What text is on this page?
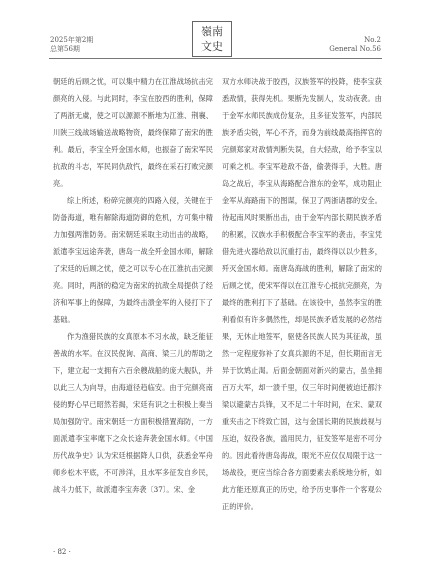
2025年第2期
总第56期
嶺南
文史	No.2
General No.56

朝廷的后顾之忧，可以集中精力在江淮战场抗击完颜亮的入侵。与此同时，李宝在胶西的胜利，保障了两浙无虞，使之可以源源不断地为江淮、荆襄、川陕三线战场输送战略物资，最终保障了南宋的胜利。最后，李宝全歼金国水师，也振奋了南宋军民抗敌的斗志，军民同仇敌忾，最终在采石打败完颜亮。

综上所述，粉碎完颜亮的四路入侵，关键在于防备海道，唯有解除海道防御的危机，方可集中精力加强两淮防务。南宋朝廷采取主动出击的战略，派遣李宝远途奔袭，唐岛一战全歼金国水师，解除了宋廷的后顾之忧，使之可以专心在江淮抗击完颜亮。同时，两浙的稳定为南宋的抗敌全局提供了经济和军事上的保障，为最终击溃金军的入侵打下了基础。

作为渔猎民族的女真原本不习水战，缺乏能征善战的水军。在汉民倪询、高商、梁三儿的帮助之下，建立起一支拥有六百余艘战船的庞大舰队，并以此三人为向导，由海道径趋临安。由于完颜亮南侵的野心早已昭然若揭，宋廷有识之士积极上奏当局加强防守。南宋朝廷一方面积极措置海防，一方面派遣李宝率麾下之众长途奔袭金国水师。《中国历代战争史》认为宋廷根据降人口供，获悉金军舟师乡松木平底，不可涉洋，且水军多征发自乡民，战斗力低下，故派遣李宝奔袭〔37〕。宋、金

双方水师决战于胶西，汉族签军的投降，使李宝获悉敌情，获得先机。果断先发制人，发动夜袭。由于金军水师民族成份复杂，且多征发签军，内部民族矛盾尖锐，军心不齐，而身为前线最高指挥官的完颜郑家对敌情判断失误，自大轻敌，给予李宝以可乘之机。李宝军趁敌不备，偷袭得手，大胜。唐岛之战后，李宝从海路配合淮东的金军，成功阻止金军从海路南下的图谋，保卫了两浙诸郡的安全。待起南风时果断出击，由于金军内部长期民族矛盾的积累，汉族水手积极配合李宝军的袭击，李宝凭借先进火器给敌以沉重打击，最终得以以少胜多，歼灭金国水师。南唐岛海战的胜利，解除了南宋的后顾之忧，使宋军得以在江淮专心抵抗完颜亮，为最终的胜利打下了基础。在该役中，虽然李宝的胜利看似有许多偶然性，却是民族矛盾发展的必然结果，无休止地签军，驱使各民族人民为其征战，虽然一定程度弥补了女真兵源的不足，但长期而言无异于饮鸩止渴。后面金朝面对新兴的蒙古，虽坐拥百万大军，却一溃千里，仅三年时间便被迫迁都汴梁以避蒙古兵锋，又不足二十年时间，在宋、蒙双重夹击之下终致亡国，这与金国长期的民族歧视与压迫，奴役各族，滥用民力，征发签军是密不可分的。因此看待唐岛海战，眼光不应仅仅局限于这一场战役，更应当综合各方面要素去系统地分析，如此方能还原真正的历史，给予历史事件一个客观公正的评价。

· 82 ·
